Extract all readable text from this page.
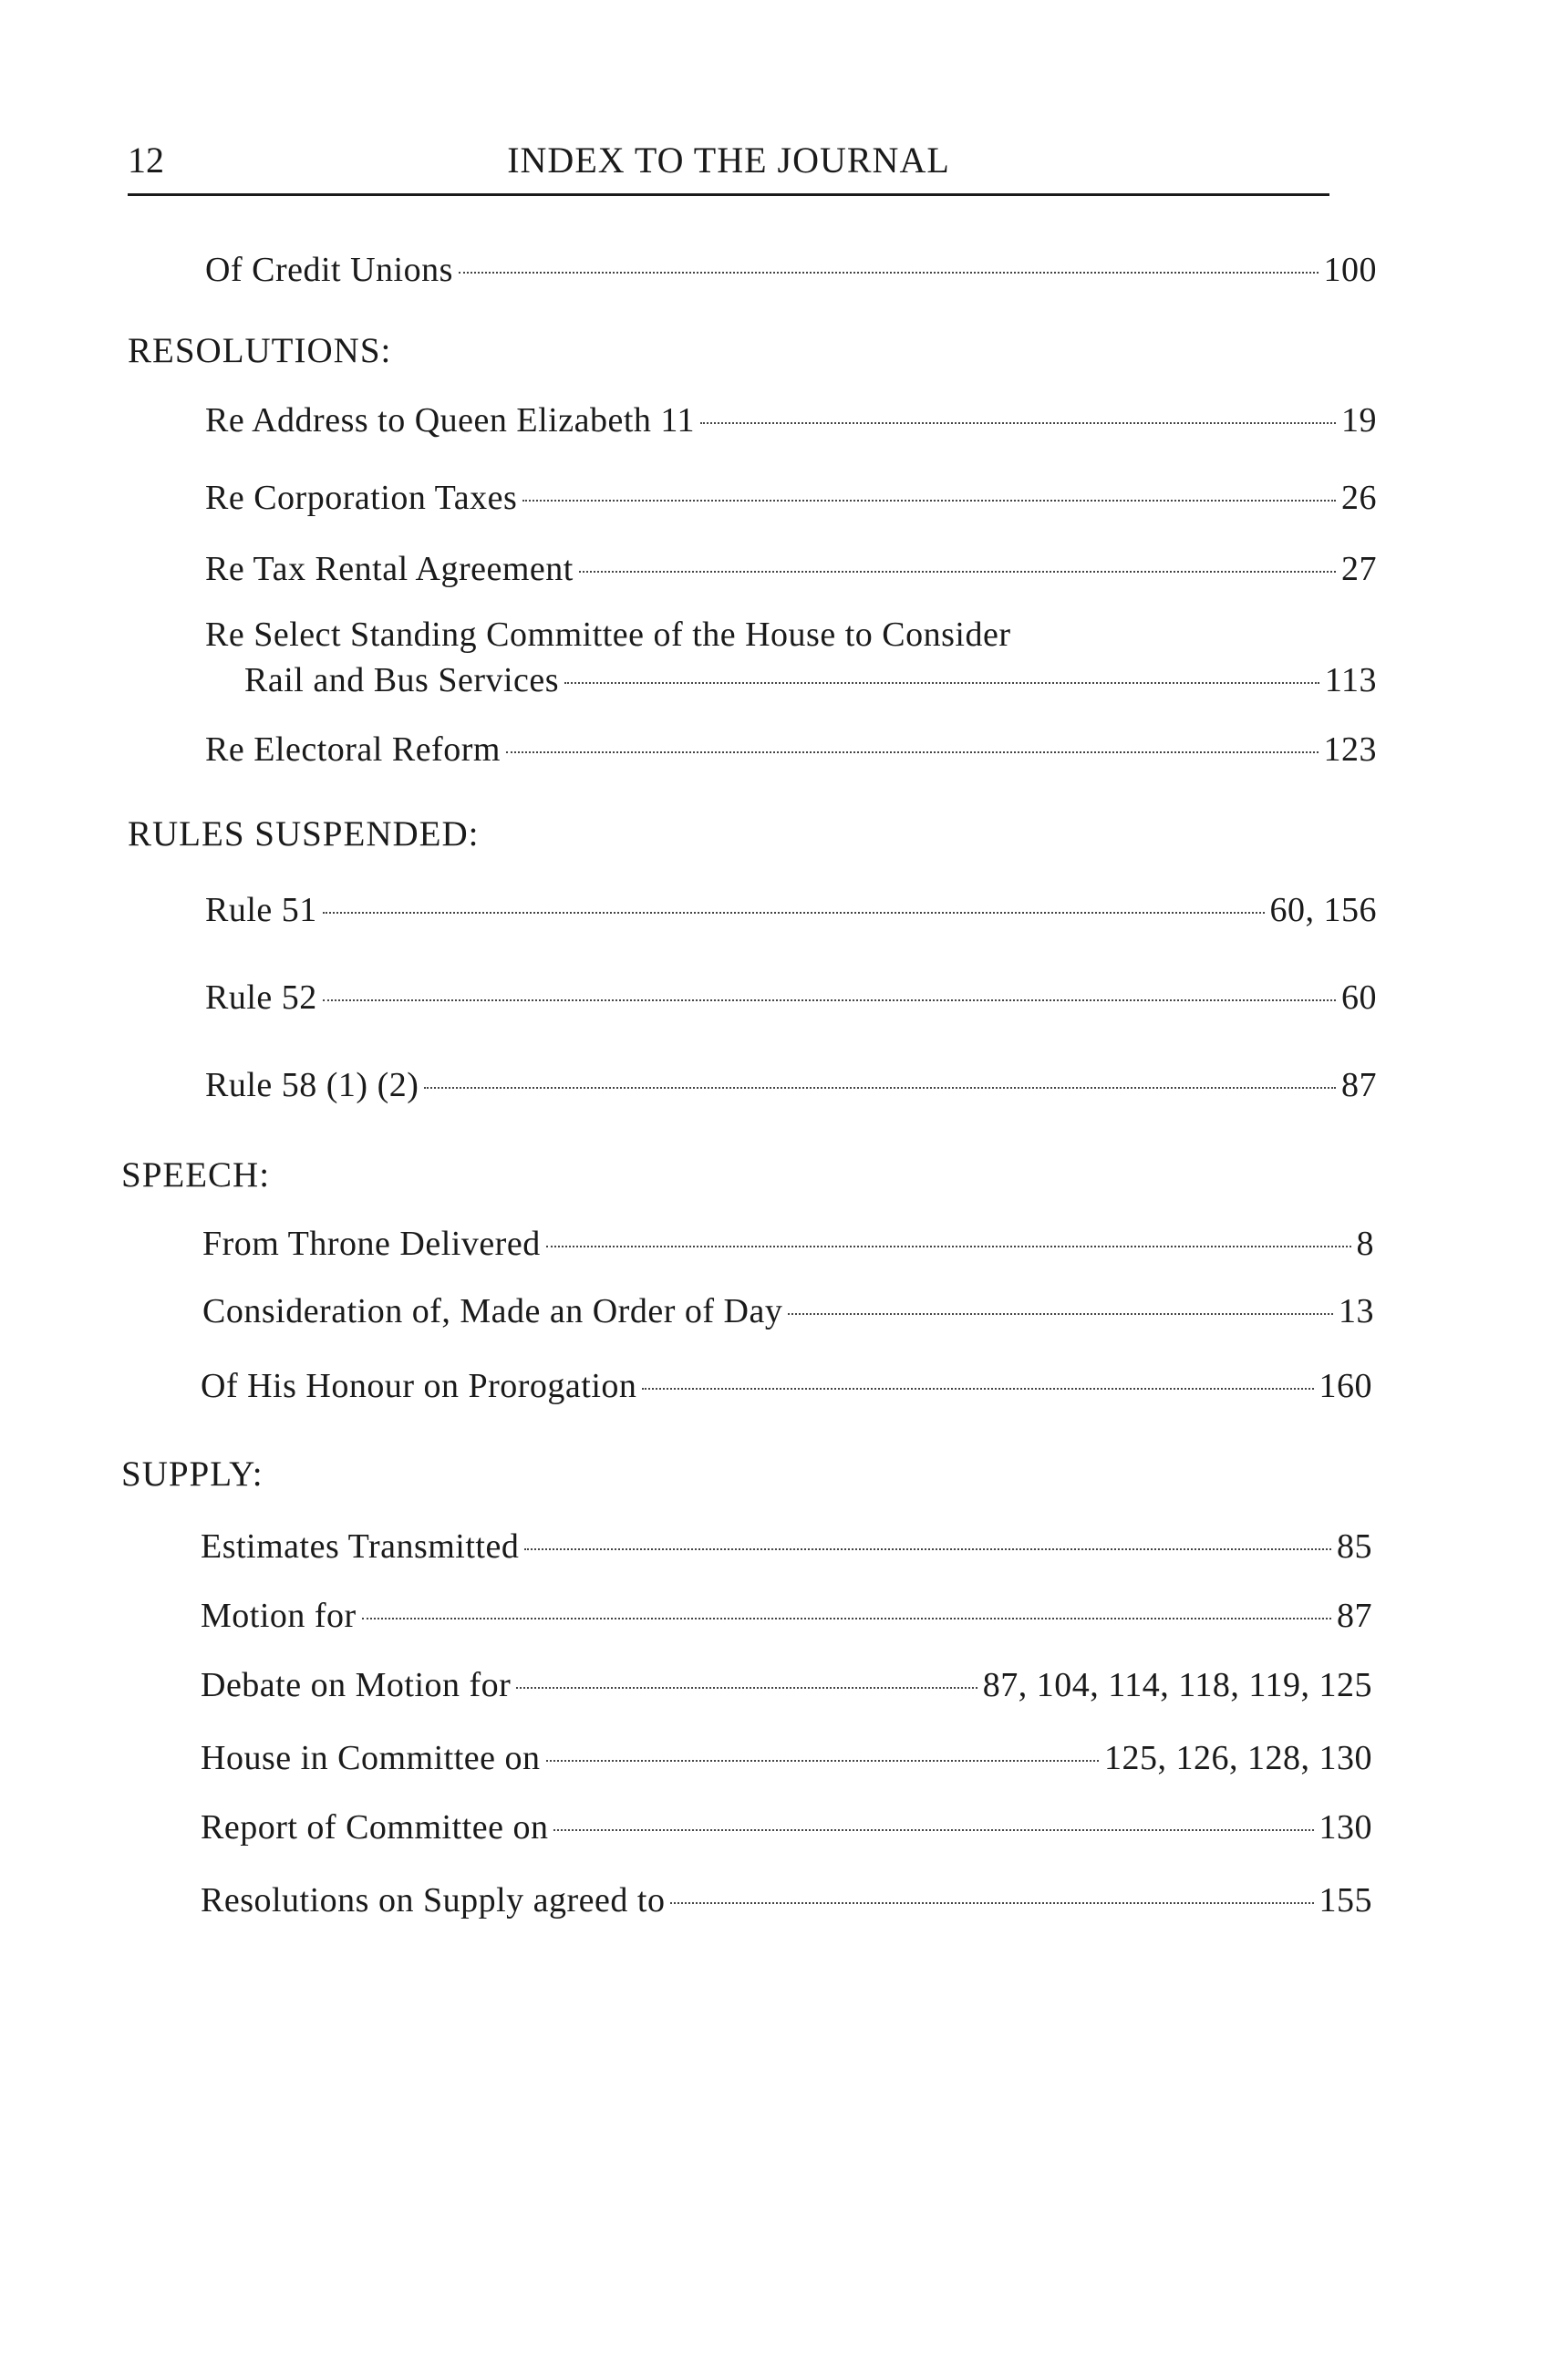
12	INDEX TO THE JOURNAL
Of Credit Unions	100
RESOLUTIONS:
Re Address to Queen Elizabeth 11	19
Re Corporation Taxes	26
Re Tax Rental Agreement	27
Re Select Standing Committee of the House to Consider
Rail and Bus Services	113
Re Electoral Reform	123
RULES SUSPENDED:
Rule 51	60, 156
Rule 52	60
Rule 58 (1) (2)	87
SPEECH:
From Throne Delivered	8
Consideration of, Made an Order of Day	13
Of His Honour on Prorogation	160
SUPPLY:
Estimates Transmitted	85
Motion for	87
Debate on Motion for	87, 104, 114, 118, 119, 125
House in Committee on	125, 126, 128, 130
Report of Committee on	130
Resolutions on Supply agreed to	155
